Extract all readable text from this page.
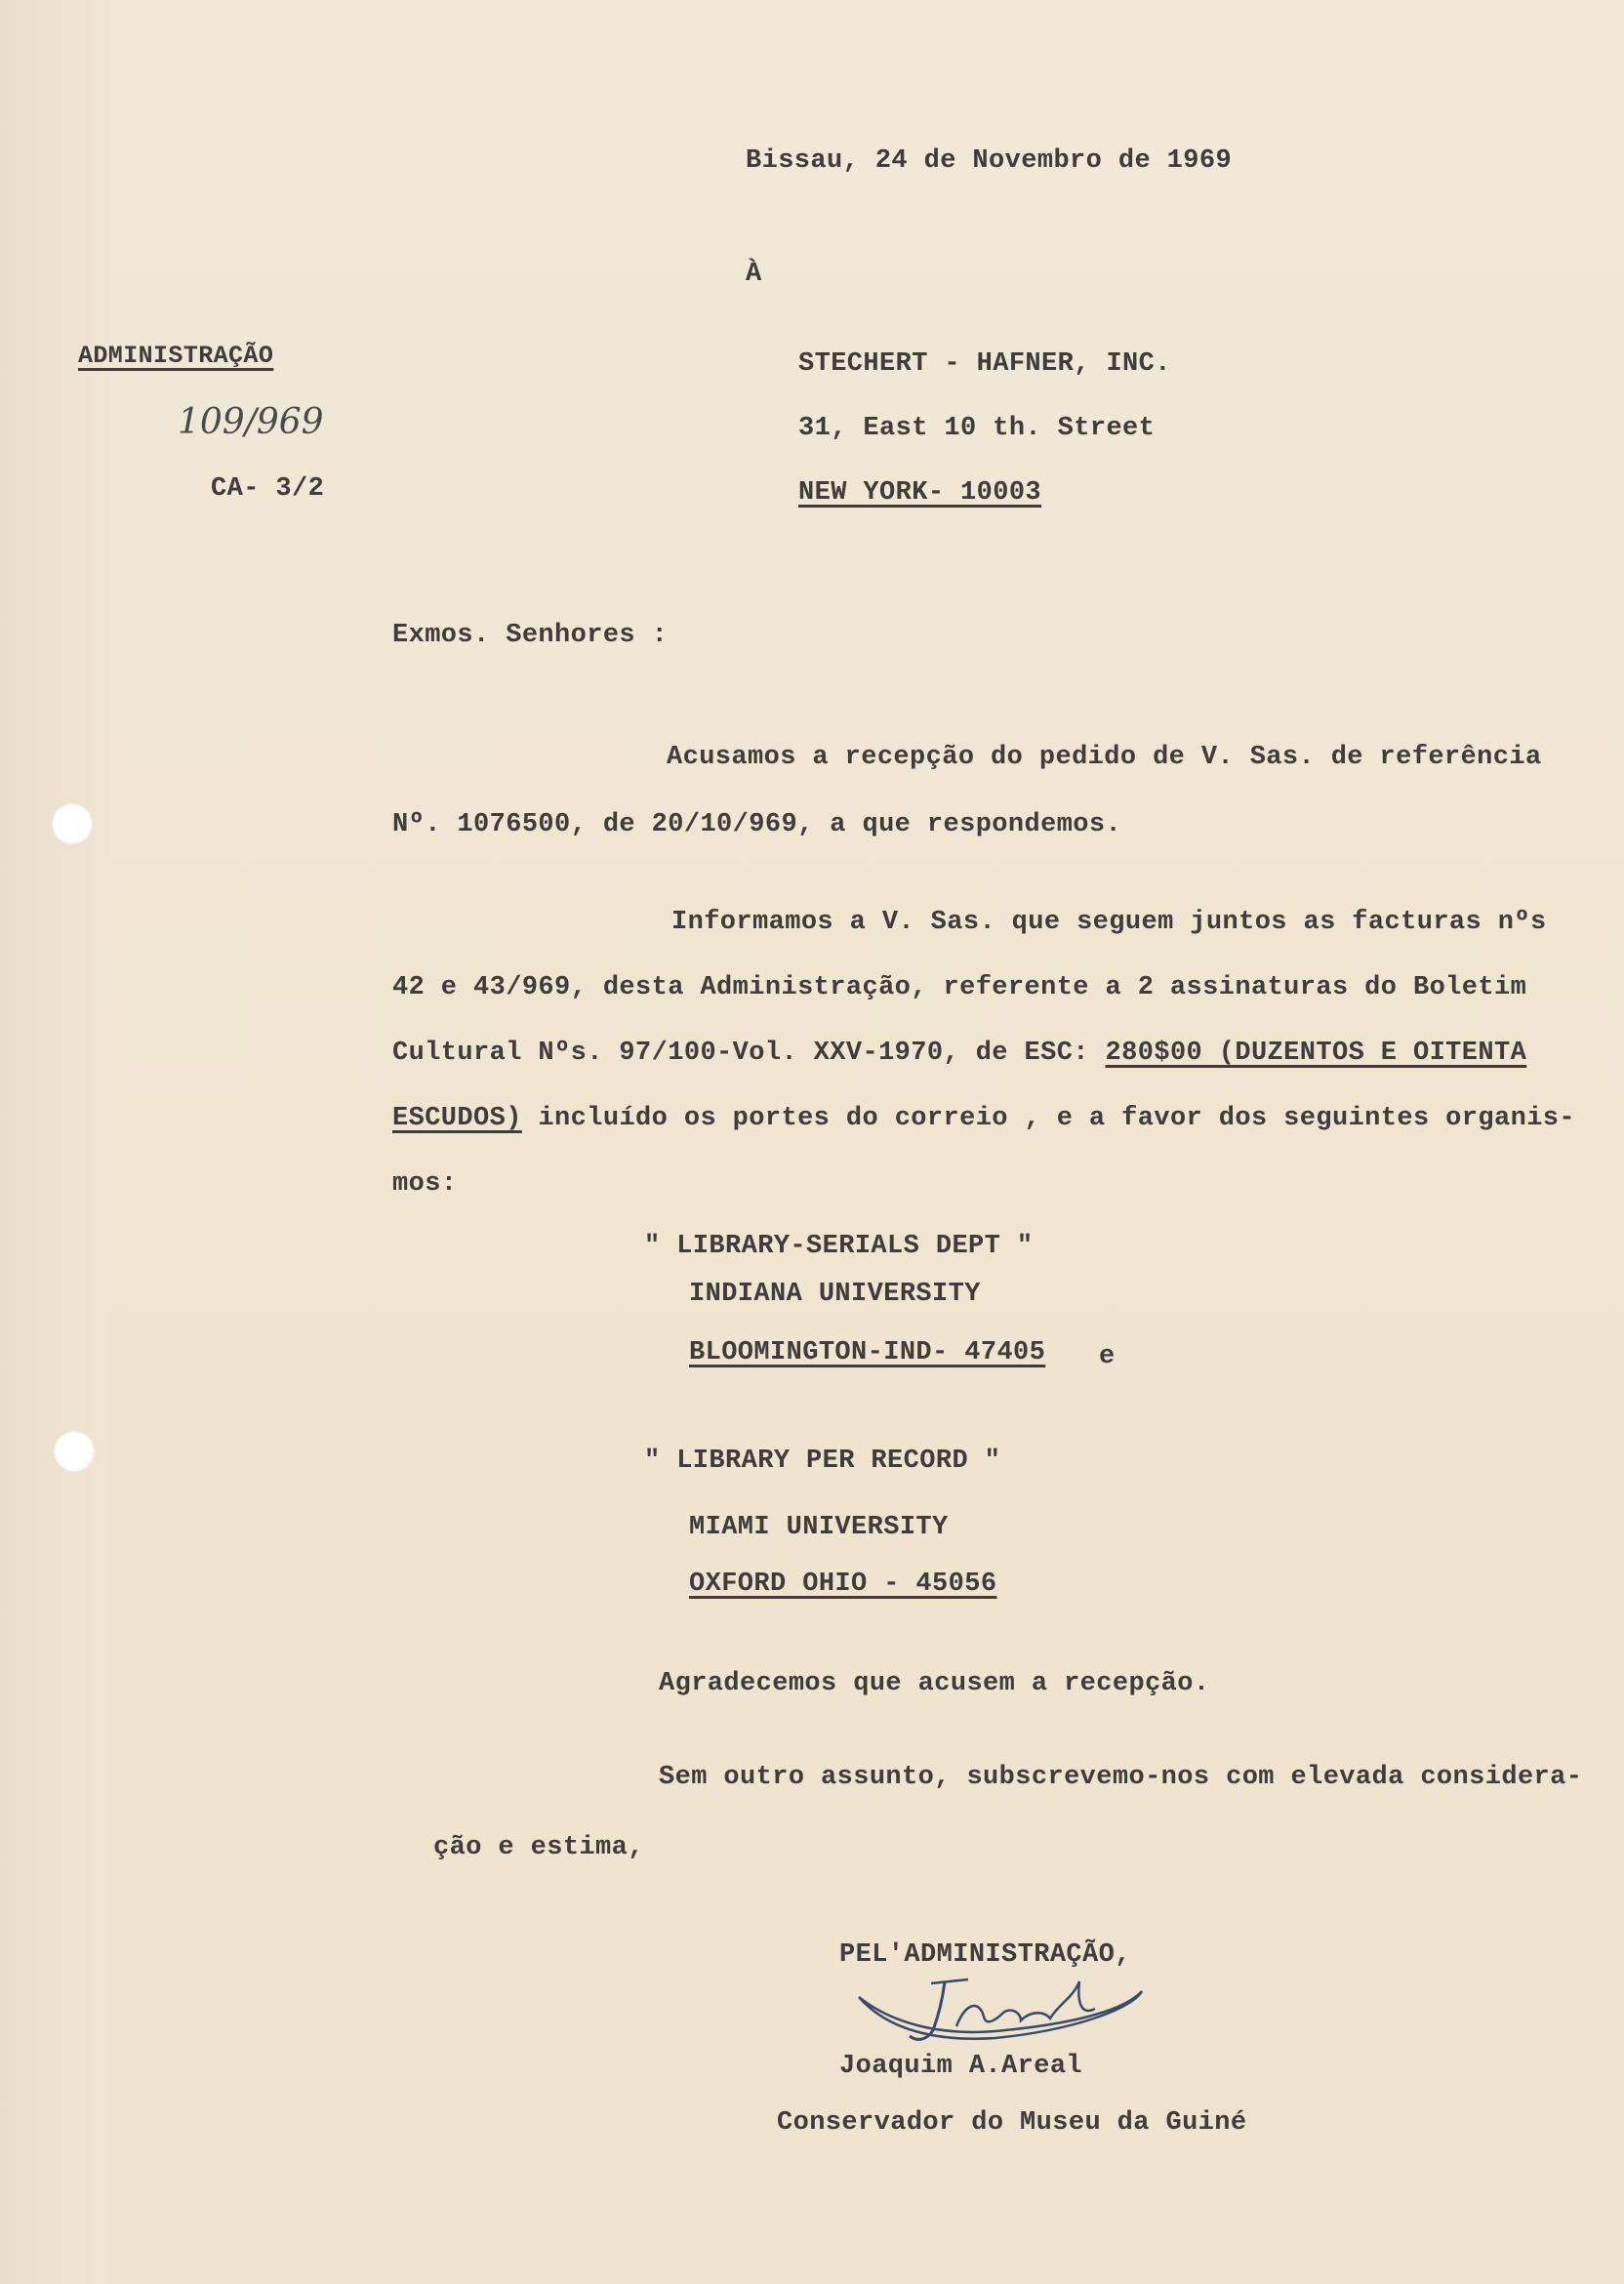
Bissau, 24 de Novembro de 1969
À
ADMINISTRAÇÃO
109/969
CA- 3/2
STECHERT - HAFNER, INC.
31, East 10 th. Street
NEW YORK- 10003
Exmos. Senhores :
Acusamos a recepção do pedido de V. Sas. de referência
Nº. 1076500, de 20/10/969, a que respondemos.
Informamos a V. Sas. que seguem juntos as facturas nºs
42 e 43/969, desta Administração, referente a 2 assinaturas do Boletim
Cultural Nºs. 97/100-Vol. XXV-1970, de ESC: 280$00 (DUZENTOS E OITENTA
ESCUDOS) incluído os portes do correio , e a favor dos seguintes organis-
mos:
" LIBRARY-SERIALS DEPT "
INDIANA UNIVERSITY
BLOOMINGTON-IND- 47405 e
" LIBRARY PER RECORD "
MIAMI UNIVERSITY
OXFORD OHIO - 45056
Agradecemos que acusem a recepção.
Sem outro assunto, subscrevemo-nos com elevada considera-
ção e estima,
PEL'ADMINISTRAÇÃO,
Joaquim A.Areal
Conservador do Museu da Guiné
